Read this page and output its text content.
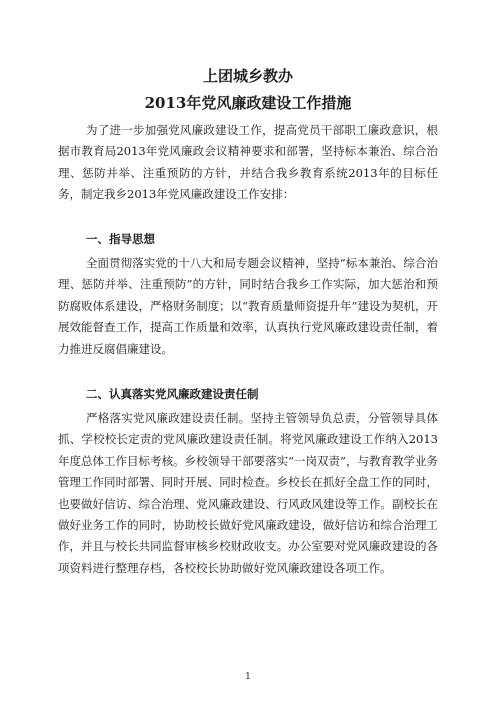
上团城乡教办

2013年党风廉政建设工作措施

为了进一步加强党风廉政建设工作，提高党员干部职工廉政意识，根据市教育局2013年党风廉政会议精神要求和部署，坚持标本兼治、综合治理、惩防并举、注重预防的方针，并结合我乡教育系统2013年的目标任务，制定我乡2013年党风廉政建设工作安排：

一、指导思想

全面贯彻落实党的十八大和局专题会议精神，坚持“标本兼治、综合治理、惩防并举、注重预防”的方针，同时结合我乡工作实际，加大惩治和预防腐败体系建设，严格财务制度；以“教育质量师资提升年”建设为契机，开展效能督查工作，提高工作质量和效率，认真执行党风廉政建设责任制，着力推进反腐倡廉建设。

二、认真落实党风廉政建设责任制

严格落实党风廉政建设责任制。坚持主管领导负总责，分管领导具体抓、学校校长定责的党风廉政建设责任制。将党风廉政建设工作纳入2013年度总体工作目标考核。乡校领导干部要落实“一岗双责”，与教育教学业务管理工作同时部署、同时开展、同时检查。乡校长在抓好全盘工作的同时，也要做好信访、综合治理、党风廉政建设、行风政风建设等工作。副校长在做好业务工作的同时，协助校长做好党风廉政建设，做好信访和综合治理工作，并且与校长共同监督审核乡校财政收支。办公室要对党风廉政建设的各项资料进行整理存档，各校校长协助做好党风廉政建设各项工作。

1
